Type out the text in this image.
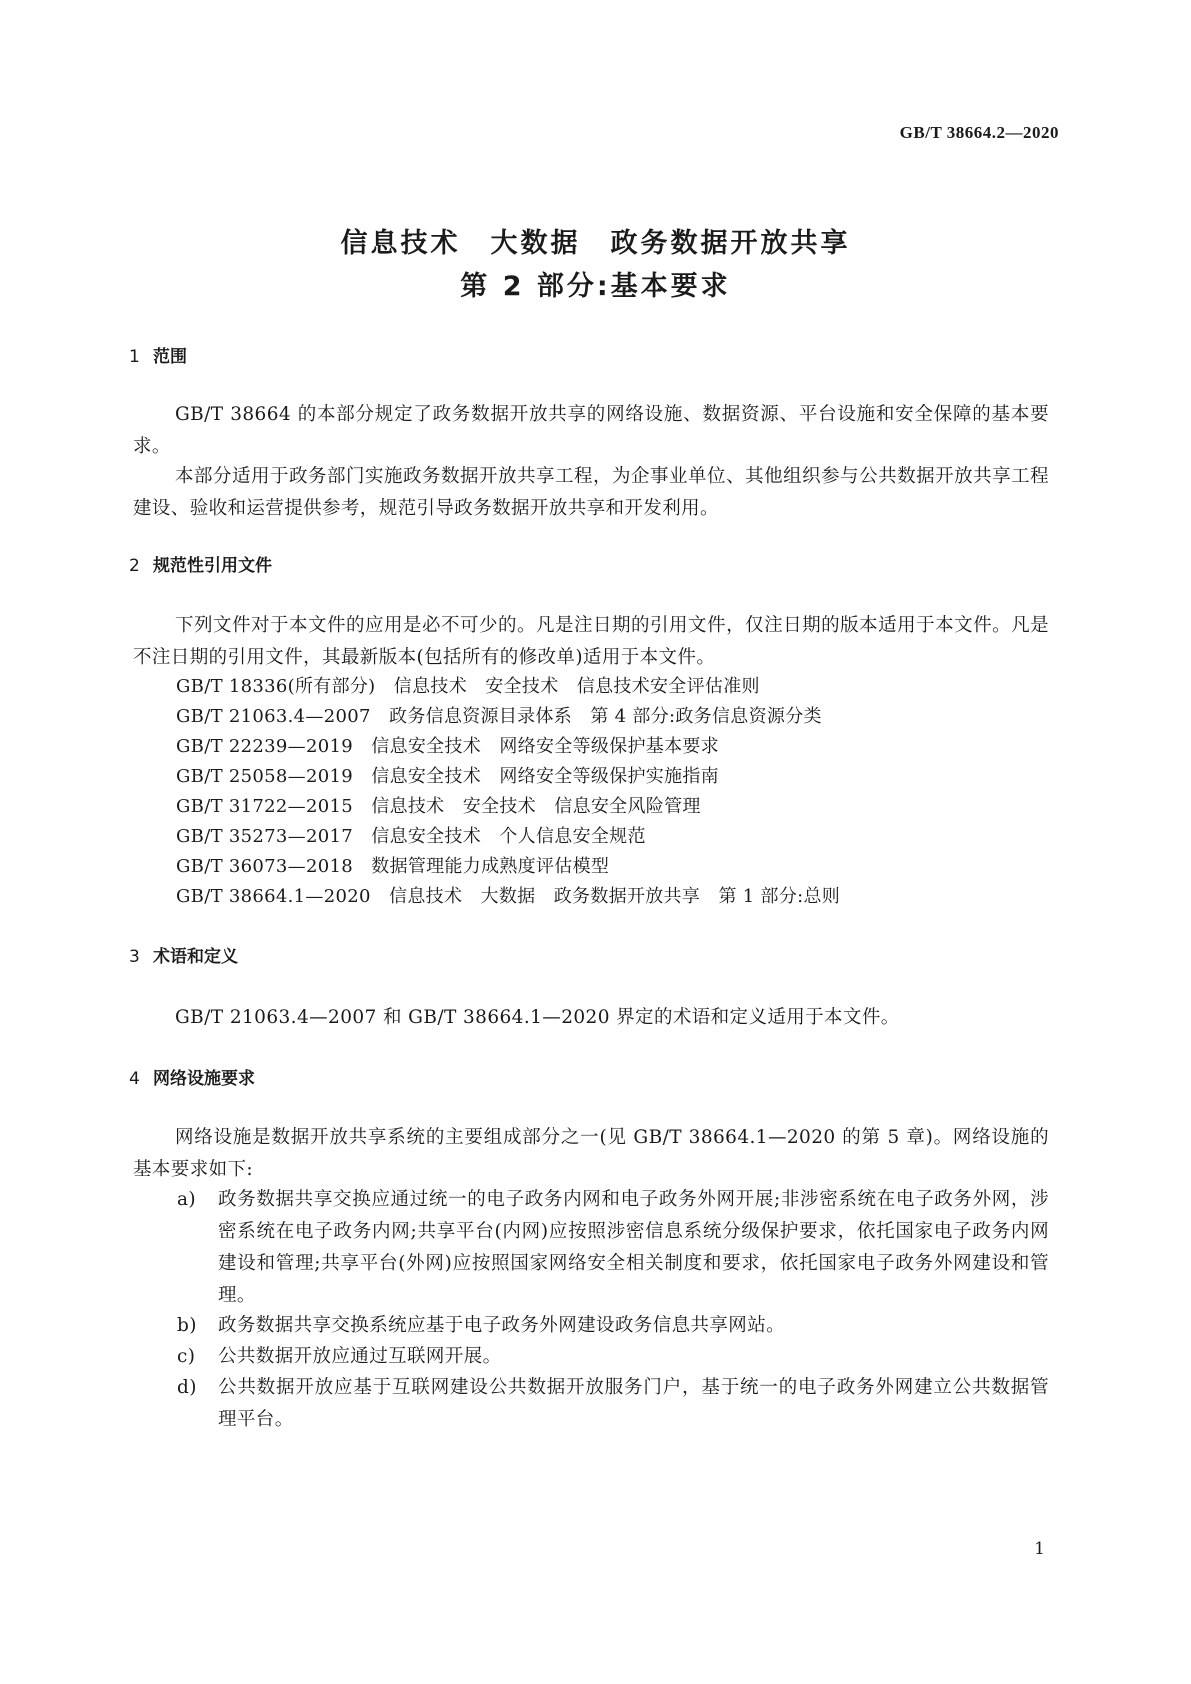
GB/T 38664.2—2020
信息技术　大数据　政务数据开放共享
第 2 部分:基本要求
1 范围
GB/T 38664 的本部分规定了政务数据开放共享的网络设施、数据资源、平台设施和安全保障的基本要求。
本部分适用于政务部门实施政务数据开放共享工程，为企事业单位、其他组织参与公共数据开放共享工程建设、验收和运营提供参考，规范引导政务数据开放共享和开发利用。
2 规范性引用文件
下列文件对于本文件的应用是必不可少的。凡是注日期的引用文件，仅注日期的版本适用于本文件。凡是不注日期的引用文件，其最新版本(包括所有的修改单)适用于本文件。
GB/T 18336(所有部分)　信息技术　安全技术　信息技术安全评估准则
GB/T 21063.4—2007　政务信息资源目录体系　第 4 部分:政务信息资源分类
GB/T 22239—2019　信息安全技术　网络安全等级保护基本要求
GB/T 25058—2019　信息安全技术　网络安全等级保护实施指南
GB/T 31722—2015　信息技术　安全技术　信息安全风险管理
GB/T 35273—2017　信息安全技术　个人信息安全规范
GB/T 36073—2018　数据管理能力成熟度评估模型
GB/T 38664.1—2020　信息技术　大数据　政务数据开放共享　第 1 部分:总则
3 术语和定义
GB/T 21063.4—2007 和 GB/T 38664.1—2020 界定的术语和定义适用于本文件。
4 网络设施要求
网络设施是数据开放共享系统的主要组成部分之一(见 GB/T 38664.1—2020 的第 5 章)。网络设施的基本要求如下:
a)	政务数据共享交换应通过统一的电子政务内网和电子政务外网开展;非涉密系统在电子政务外网，涉密系统在电子政务内网;共享平台(内网)应按照涉密信息系统分级保护要求，依托国家电子政务内网建设和管理;共享平台(外网)应按照国家网络安全相关制度和要求，依托国家电子政务外网建设和管理。
b)	政务数据共享交换系统应基于电子政务外网建设政务信息共享网站。
c)	公共数据开放应通过互联网开展。
d)	公共数据开放应基于互联网建设公共数据开放服务门户，基于统一的电子政务外网建立公共数据管理平台。
1
